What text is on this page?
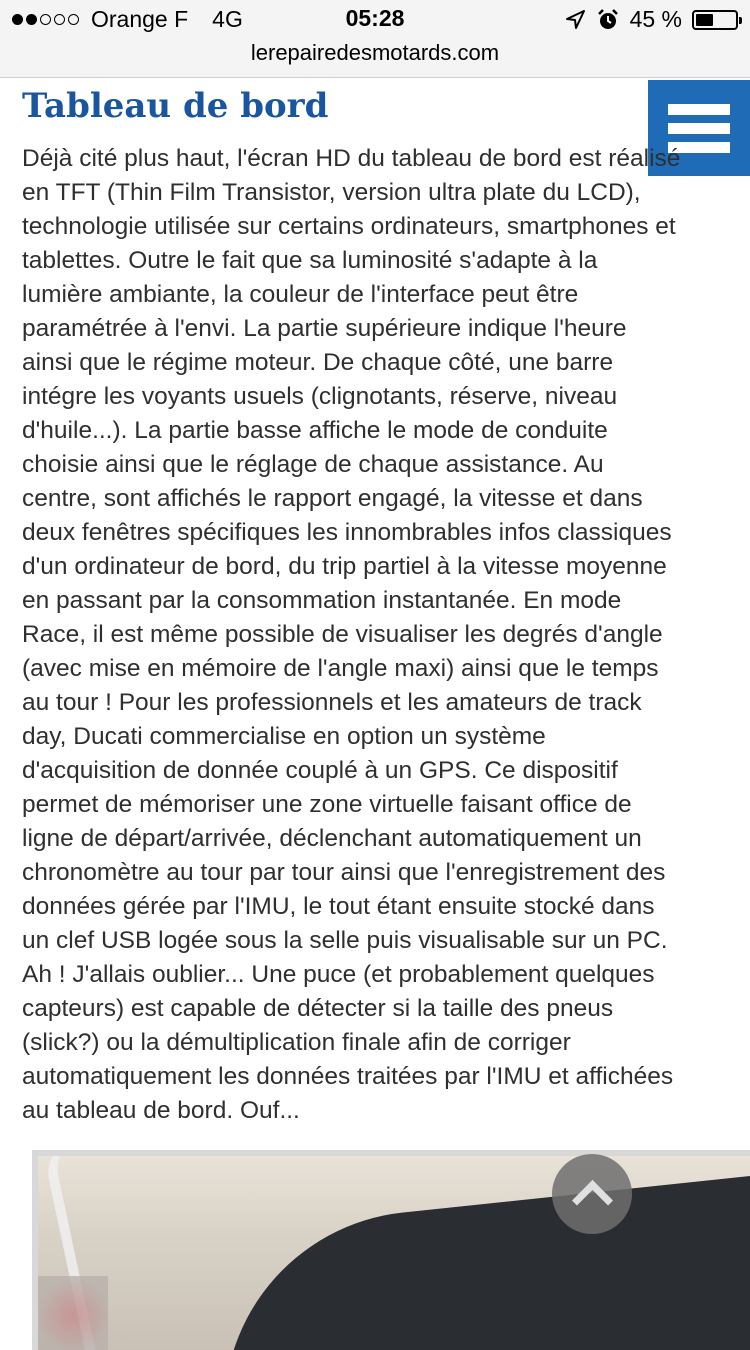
Orange F 4G	05:28	45 %
lerepairedesmotards.com
Tableau de bord

Déjà cité plus haut, l'écran HD du tableau de bord est réalisé
en TFT (Thin Film Transistor, version ultra plate du LCD),
technologie utilisée sur certains ordinateurs, smartphones et
tablettes. Outre le fait que sa luminosité s'adapte à la
lumière ambiante, la couleur de l'interface peut être
paramétrée à l'envi. La partie supérieure indique l'heure
ainsi que le régime moteur. De chaque côté, une barre
intégre les voyants usuels (clignotants, réserve, niveau
d'huile...). La partie basse affiche le mode de conduite
choisie ainsi que le réglage de chaque assistance. Au
centre, sont affichés le rapport engagé, la vitesse et dans
deux fenêtres spécifiques les innombrables infos classiques
d'un ordinateur de bord, du trip partiel à la vitesse moyenne
en passant par la consommation instantanée. En mode
Race, il est même possible de visualiser les degrés d'angle
(avec mise en mémoire de l'angle maxi) ainsi que le temps
au tour ! Pour les professionnels et les amateurs de track
day, Ducati commercialise en option un système
d'acquisition de donnée couplé à un GPS. Ce dispositif
permet de mémoriser une zone virtuelle faisant office de
ligne de départ/arrivée, déclenchant automatiquement un
chronomètre au tour par tour ainsi que l'enregistrement des
données gérée par l'IMU, le tout étant ensuite stocké dans
un clef USB logée sous la selle puis visualisable sur un PC.
Ah ! J'allais oublier... Une puce (et probablement quelques
capteurs) est capable de détecter si la taille des pneus
(slick?) ou la démultiplication finale afin de corriger
automatiquement les données traitées par l'IMU et affichées
au tableau de bord. Ouf...
